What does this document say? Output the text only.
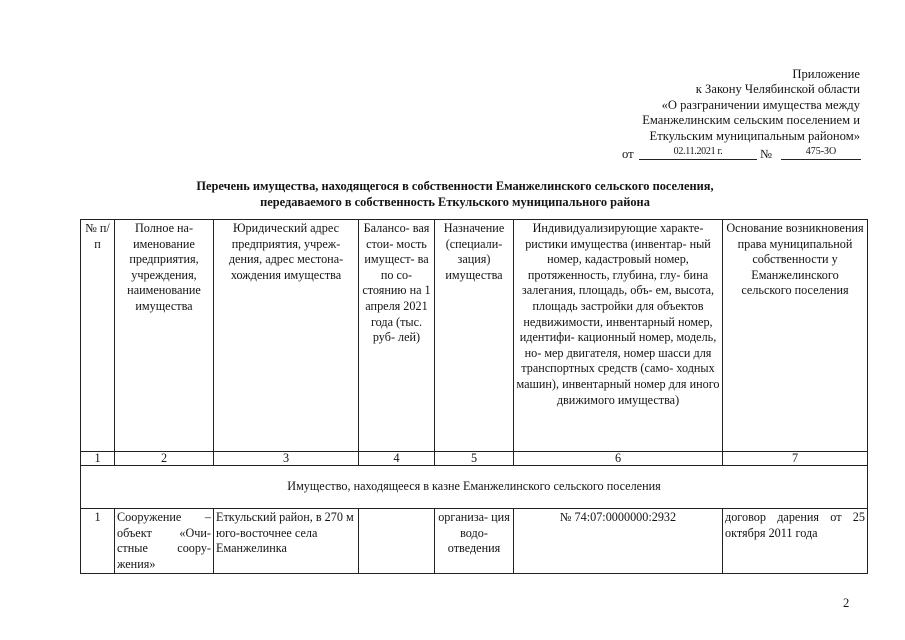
Приложение
к Закону Челябинской области
«О разграничении имущества между
Еманжелинским сельским поселением и
Еткульским муниципальным районом»
от	02.11.2021 г.	№	475-ЗО
Перечень имущества, находящегося в собственности Еманжелинского сельского поселения,
передаваемого в собственность Еткульского муниципального района
№ п/п	Полное на- именование предприятия, учреждения, наименование имущества	Юридический адрес предприятия, учреж- дения, адрес местона- хождения имущества	Балансо- вая стои- мость имущест- ва по со- стоянию на 1 апреля 2021 года (тыс. руб- лей)	Назначение (специали- зация) имущества	Индивидуализирующие характе- ристики имущества (инвентар- ный номер, кадастровый номер, протяженность, глубина, глу- бина залегания, площадь, объ- ем, высота, площадь застройки для объектов недвижимости, инвентарный номер, идентифи- кационный номер, модель, но- мер двигателя, номер шасси для транспортных средств (само- ходных машин), инвентарный номер для иного движимого имущества)	Основание возникновения права муниципальной собственности у Еманжелинского сельского поселения
1	2	3	4	5	6	7
Имущество, находящееся в казне Еманжелинского сельского поселения						
1	Сооружение – объект «Очи- стные соору- жения»	Еткульский район, в 270 м юго-восточнее села Еманжелинка		организа- ция водо- отведения	№ 74:07:0000000:2932	договор дарения от 25 октября 2011 года
2
